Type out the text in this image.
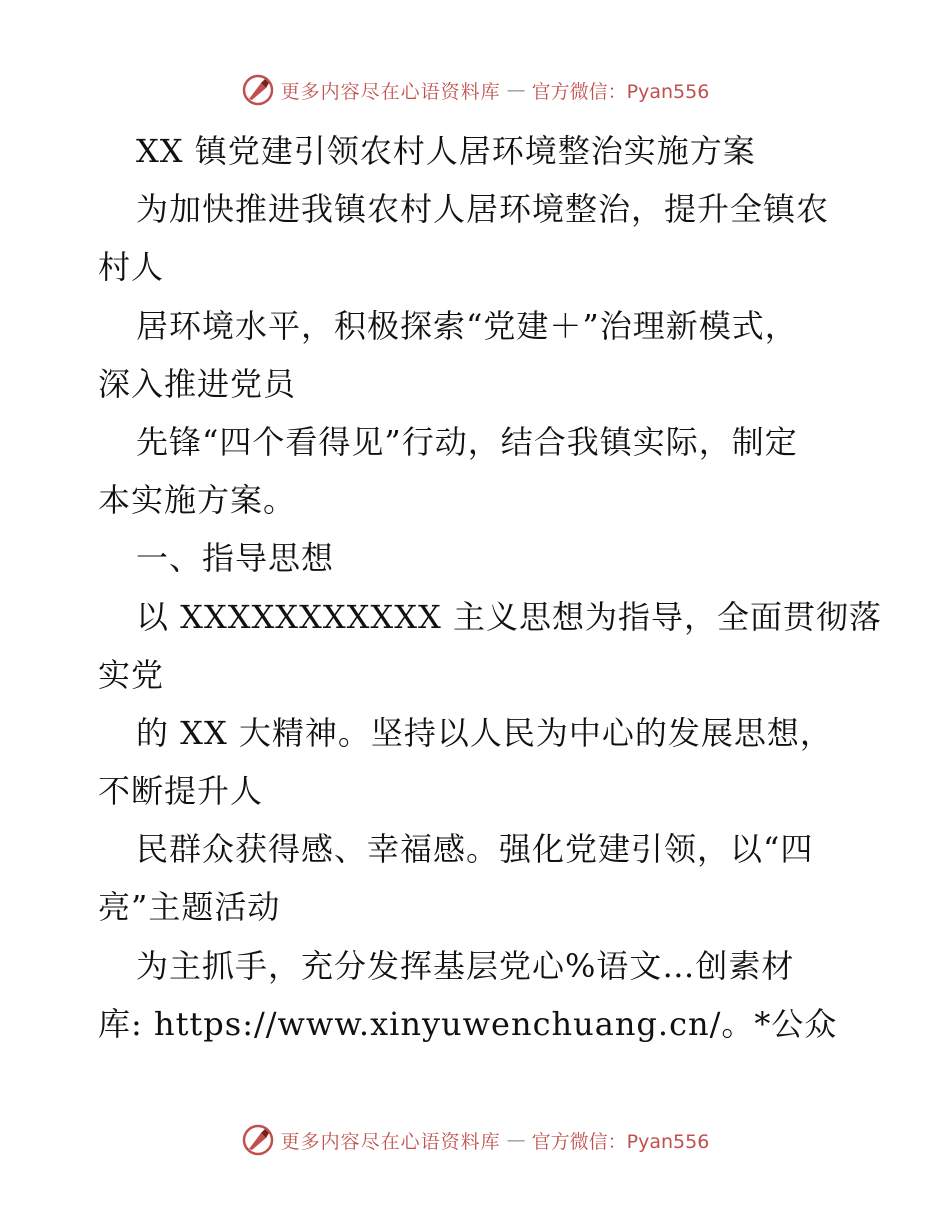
更多内容尽在心语资料库 — 官方微信：Pyan556
XX 镇党建引领农村人居环境整治实施方案
为加快推进我镇农村人居环境整治，提升全镇农
村人
居环境水平，积极探索“党建＋”治理新模式，
深入推进党员
先锋“四个看得见”行动，结合我镇实际，制定
本实施方案。
一、指导思想
以 XXXXXXXXXXX 主义思想为指导，全面贯彻落
实党
的 XX 大精神。坚持以人民为中心的发展思想，
不断提升人
民群众获得感、幸福感。强化党建引领，以“四
亮”主题活动
为主抓手，充分发挥基层党心%语文…创素材
库: https://www.xinyuwenchuang.cn/。*公众
更多内容尽在心语资料库 — 官方微信：Pyan556
